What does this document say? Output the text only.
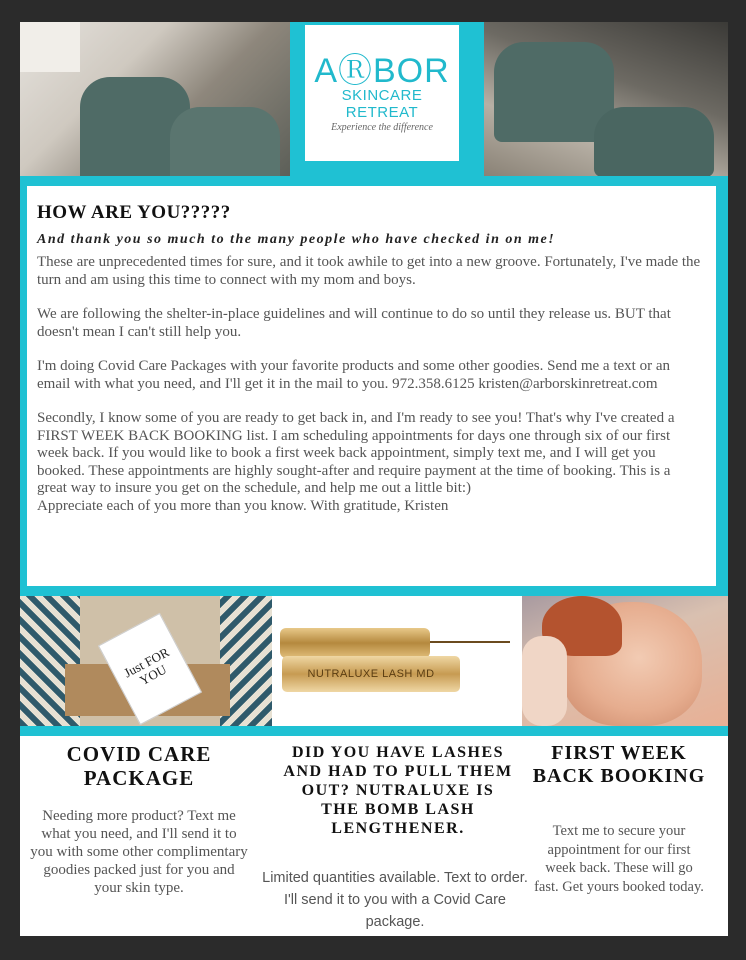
AⓇBOR
SKINCARE RETREAT
Experience the difference
HOW ARE YOU?????
And thank you so much to the many people who have checked in on me!

These are unprecedented times for sure, and it took awhile to get into a new groove. Fortunately, I've made the turn and am using this time to connect with my mom and boys.

We are following the shelter-in-place guidelines and will continue to do so until they release us. BUT that doesn't mean I can't still help you.

I'm doing Covid Care Packages with your favorite products and some other goodies. Send me a text or an email with what you need, and I'll get it in the mail to you. 972.358.6125 kristen@arborskinretreat.com

Secondly, I know some of you are ready to get back in, and I'm ready to see you! That's why I've created a FIRST WEEK BACK BOOKING list. I am scheduling appointments for days one through six of our first week back. If you would like to book a first week back appointment, simply text me, and I will get you booked. These appointments are highly sought-after and require payment at the time of booking. This is a great way to insure you get on the schedule, and help me out a little bit:)

Appreciate each of you more than you know. With gratitude, Kristen

Just FOR YOU	NUTRALUXE LASH MD
COVID CARE PACKAGE
Needing more product? Text me what you need, and I'll send it to you with some other complimentary goodies packed just for you and your skin type.
DID YOU HAVE LASHES AND HAD TO PULL THEM OUT? NUTRALUXE IS THE BOMB LASH LENGTHENER.
Limited quantities available. Text to order. I'll send it to you with a Covid Care package.
FIRST WEEK BACK BOOKING
Text me to secure your appointment for our first week back. These will go fast. Get yours booked today.
